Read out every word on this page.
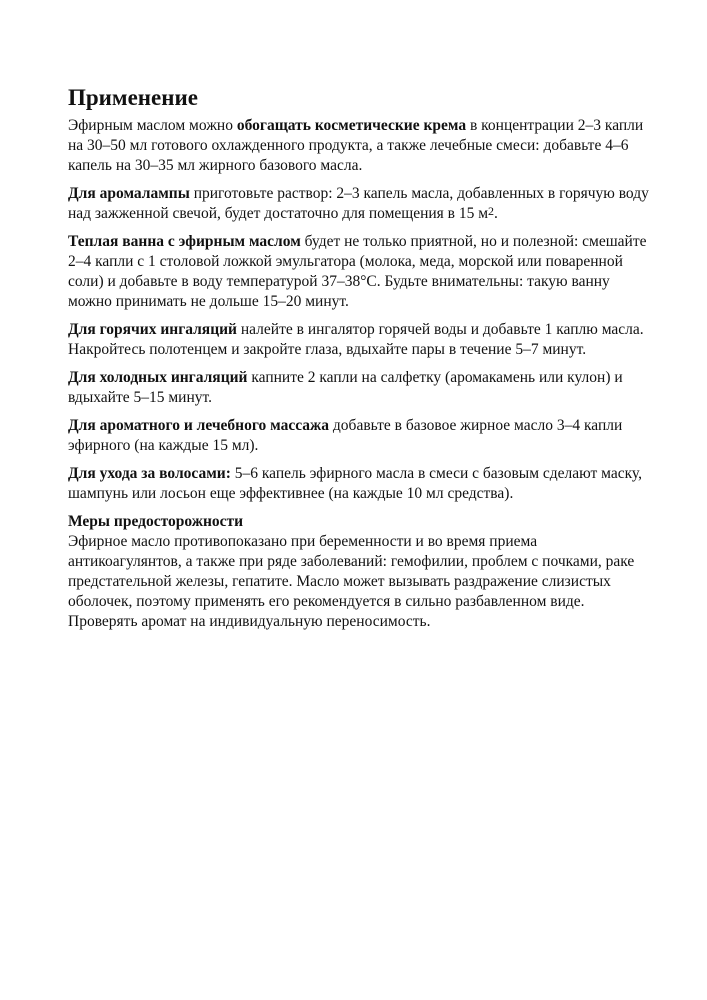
Применение

Эфирным маслом можно обогащать косметические крема в концентрации 2–3 капли на 30–50 мл готового охлажденного продукта, а также лечебные смеси: добавьте 4–6 капель на 30–35 мл жирного базового масла.

Для аромалампы приготовьте раствор: 2–3 капель масла, добавленных в горячую воду над зажженной свечой, будет достаточно для помещения в 15 $м^2$.

Теплая ванна с эфирным маслом будет не только приятной, но и полезной: смешайте 2–4 капли с 1 столовой ложкой эмульгатора (молока, меда, морской или поваренной соли) и добавьте в воду температурой 37–38°С. Будьте внимательны: такую ванну можно принимать не дольше 15–20 минут.

Для горячих ингаляций налейте в ингалятор горячей воды и добавьте 1 каплю масла. Накройтесь полотенцем и закройте глаза, вдыхайте пары в течение 5–7 минут.

Для холодных ингаляций капните 2 капли на салфетку (аромакамень или кулон) и вдыхайте 5–15 минут.

Для ароматного и лечебного массажа добавьте в базовое жирное масло 3–4 капли эфирного (на каждые 15 мл).

Для ухода за волосами: 5–6 капель эфирного масла в смеси с базовым сделают маску, шампунь или лосьон еще эффективнее (на каждые 10 мл средства).

Меры предосторожности

Эфирное масло противопоказано при беременности и во время приема антикоагулянтов, а также при ряде заболеваний: гемофилии, проблем с почками, раке предстательной железы, гепатите. Масло может вызывать раздражение слизистых оболочек, поэтому применять его рекомендуется в сильно разбавленном виде.

Проверять аромат на индивидуальную переносимость.
